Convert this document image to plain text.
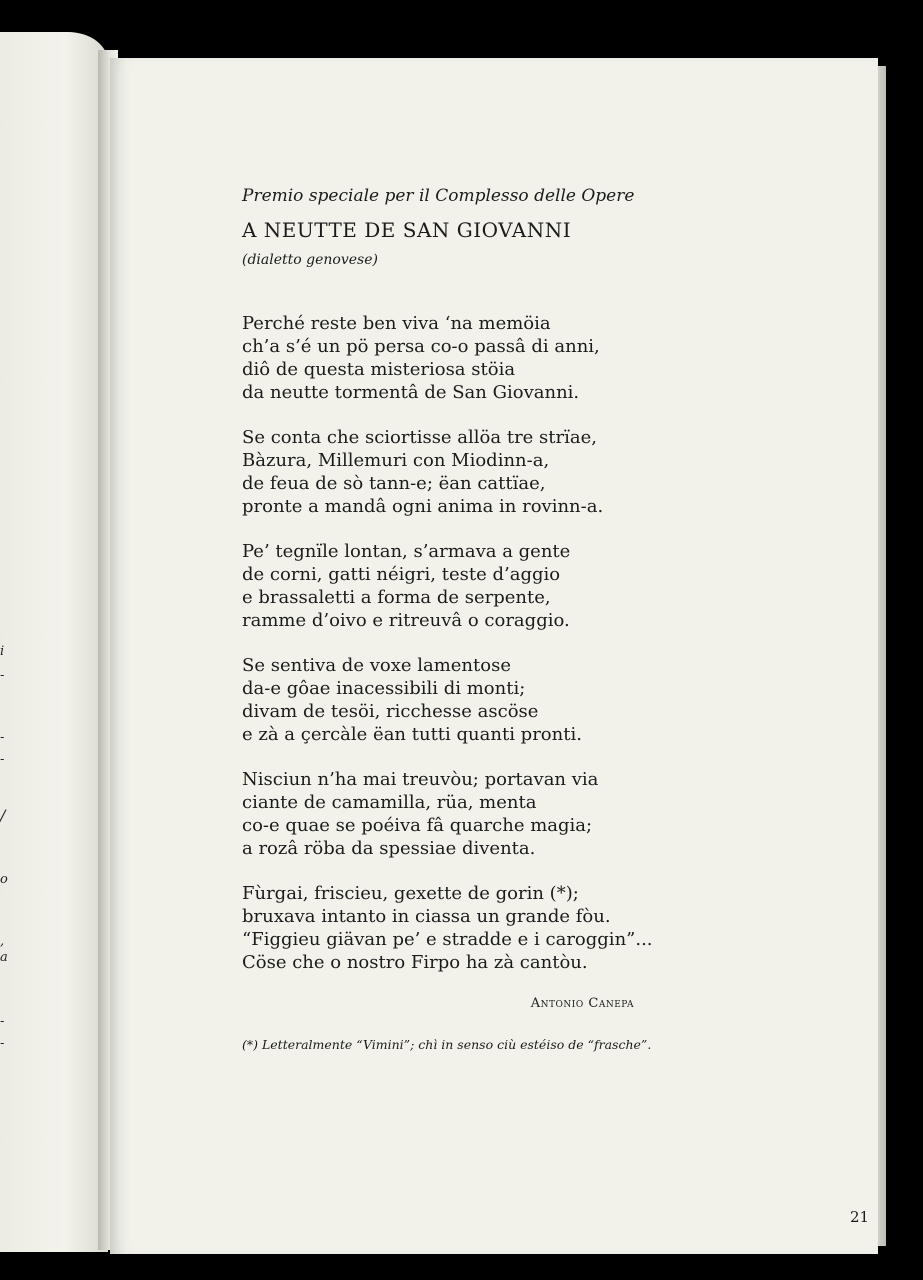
i
-
-
-
/
o
,
a
-
-
Premio speciale per il Complesso delle Opere
A NEUTTE DE SAN GIOVANNI
(dialetto genovese)
Perché reste ben viva ‘na memöia
ch’a s’é un pö persa co-o passâ di anni,
diô de questa misteriosa stöia
da neutte tormentâ de San Giovanni.
Se conta che sciortisse allöa tre strïae,
Bàzura, Millemuri con Miodinn-a,
de feua de sò tann-e; ëan cattïae,
pronte a mandâ ogni anima in rovinn-a.
Pe’ tegnïle lontan, s’armava a gente
de corni, gatti néigri, teste d’aggio
e brassaletti a forma de serpente,
ramme d’oivo e ritreuvâ o coraggio.
Se sentiva de voxe lamentose
da-e gôae inacessibili di monti;
divam de tesöi, ricchesse ascöse
e zà a çercàle ëan tutti quanti pronti.
Nisciun n’ha mai treuvòu; portavan via
ciante de camamilla, rüa, menta
co-e quae se poéiva fâ quarche magia;
a rozâ röba da spessiae diventa.
Fùrgai, friscieu, gexette de gorin (*);
bruxava intanto in ciassa un grande fòu.
“Figgieu giävan pe’ e stradde e i caroggin”...
Cöse che o nostro Firpo ha zà cantòu.
Antonio Canepa
(*) Letteralmente “Vimini”; chì in senso ciù estéiso de “frasche”.
21
